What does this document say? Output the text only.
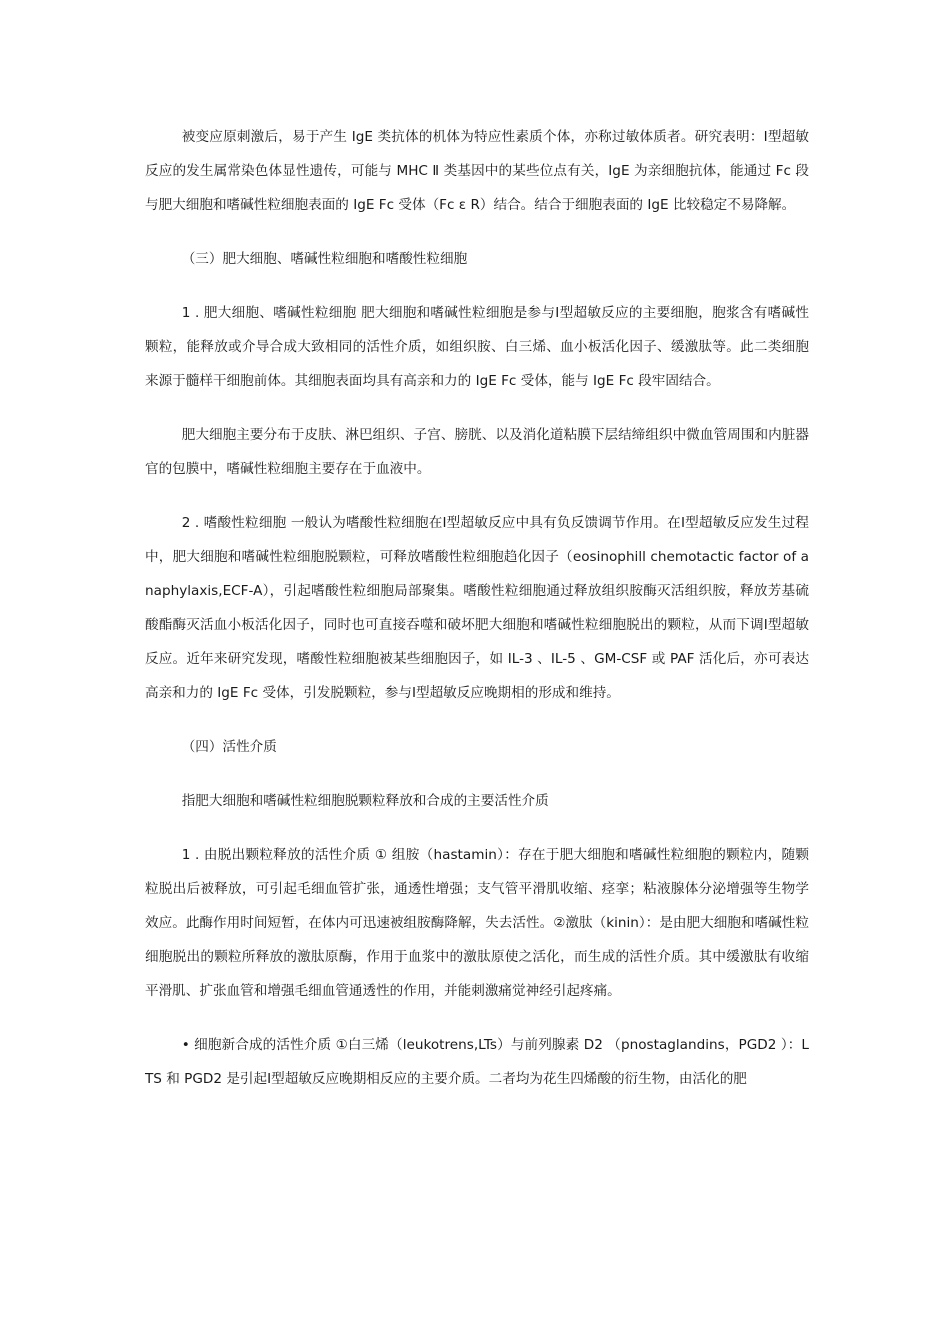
被变应原刺激后，易于产生 IgE 类抗体的机体为特应性素质个体，亦称过敏体质者。研究表明：Ⅰ型超敏反应的发生属常染色体显性遗传，可能与 MHC Ⅱ 类基因中的某些位点有关，IgE 为亲细胞抗体，能通过 Fc 段与肥大细胞和嗜碱性粒细胞表面的 IgE Fc 受体（Fc ε R）结合。结合于细胞表面的 IgE 比较稳定不易降解。

（三）肥大细胞、嗜碱性粒细胞和嗜酸性粒细胞

1 . 肥大细胞、嗜碱性粒细胞 肥大细胞和嗜碱性粒细胞是参与Ⅰ型超敏反应的主要细胞，胞浆含有嗜碱性颗粒，能释放或介导合成大致相同的活性介质，如组织胺、白三烯、血小板活化因子、缓激肽等。此二类细胞来源于髓样干细胞前体。其细胞表面均具有高亲和力的 IgE Fc 受体，能与 IgE Fc 段牢固结合。

肥大细胞主要分布于皮肤、淋巴组织、子宫、膀胱、以及消化道粘膜下层结缔组织中微血管周围和内脏器官的包膜中，嗜碱性粒细胞主要存在于血液中。

2 . 嗜酸性粒细胞 一般认为嗜酸性粒细胞在Ⅰ型超敏反应中具有负反馈调节作用。在Ⅰ型超敏反应发生过程中，肥大细胞和嗜碱性粒细胞脱颗粒，可释放嗜酸性粒细胞趋化因子（eosinophill chemotactic factor of anaphylaxis,ECF-A），引起嗜酸性粒细胞局部聚集。嗜酸性粒细胞通过释放组织胺酶灭活组织胺，释放芳基硫酸酯酶灭活血小板活化因子，同时也可直接吞噬和破坏肥大细胞和嗜碱性粒细胞脱出的颗粒，从而下调Ⅰ型超敏反应。近年来研究发现，嗜酸性粒细胞被某些细胞因子，如 IL-3 、IL-5 、GM-CSF 或 PAF 活化后，亦可表达高亲和力的 IgE Fc 受体，引发脱颗粒，参与Ⅰ型超敏反应晚期相的形成和维持。

（四）活性介质

指肥大细胞和嗜碱性粒细胞脱颗粒释放和合成的主要活性介质

1 . 由脱出颗粒释放的活性介质 ① 组胺（hastamin）：存在于肥大细胞和嗜碱性粒细胞的颗粒内，随颗粒脱出后被释放，可引起毛细血管扩张，通透性增强；支气管平滑肌收缩、痉挛；粘液腺体分泌增强等生物学效应。此酶作用时间短暂，在体内可迅速被组胺酶降解，失去活性。②激肽（kinin）：是由肥大细胞和嗜碱性粒细胞脱出的颗粒所释放的激肽原酶，作用于血浆中的激肽原使之活化，而生成的活性介质。其中缓激肽有收缩平滑肌、扩张血管和增强毛细血管通透性的作用，并能刺激痛觉神经引起疼痛。

• 细胞新合成的活性介质 ①白三烯（leukotrens,LTs）与前列腺素 D2 （pnostaglandins，PGD2 ）：LTS 和 PGD2 是引起Ⅰ型超敏反应晚期相反应的主要介质。二者均为花生四烯酸的衍生物，由活化的肥
